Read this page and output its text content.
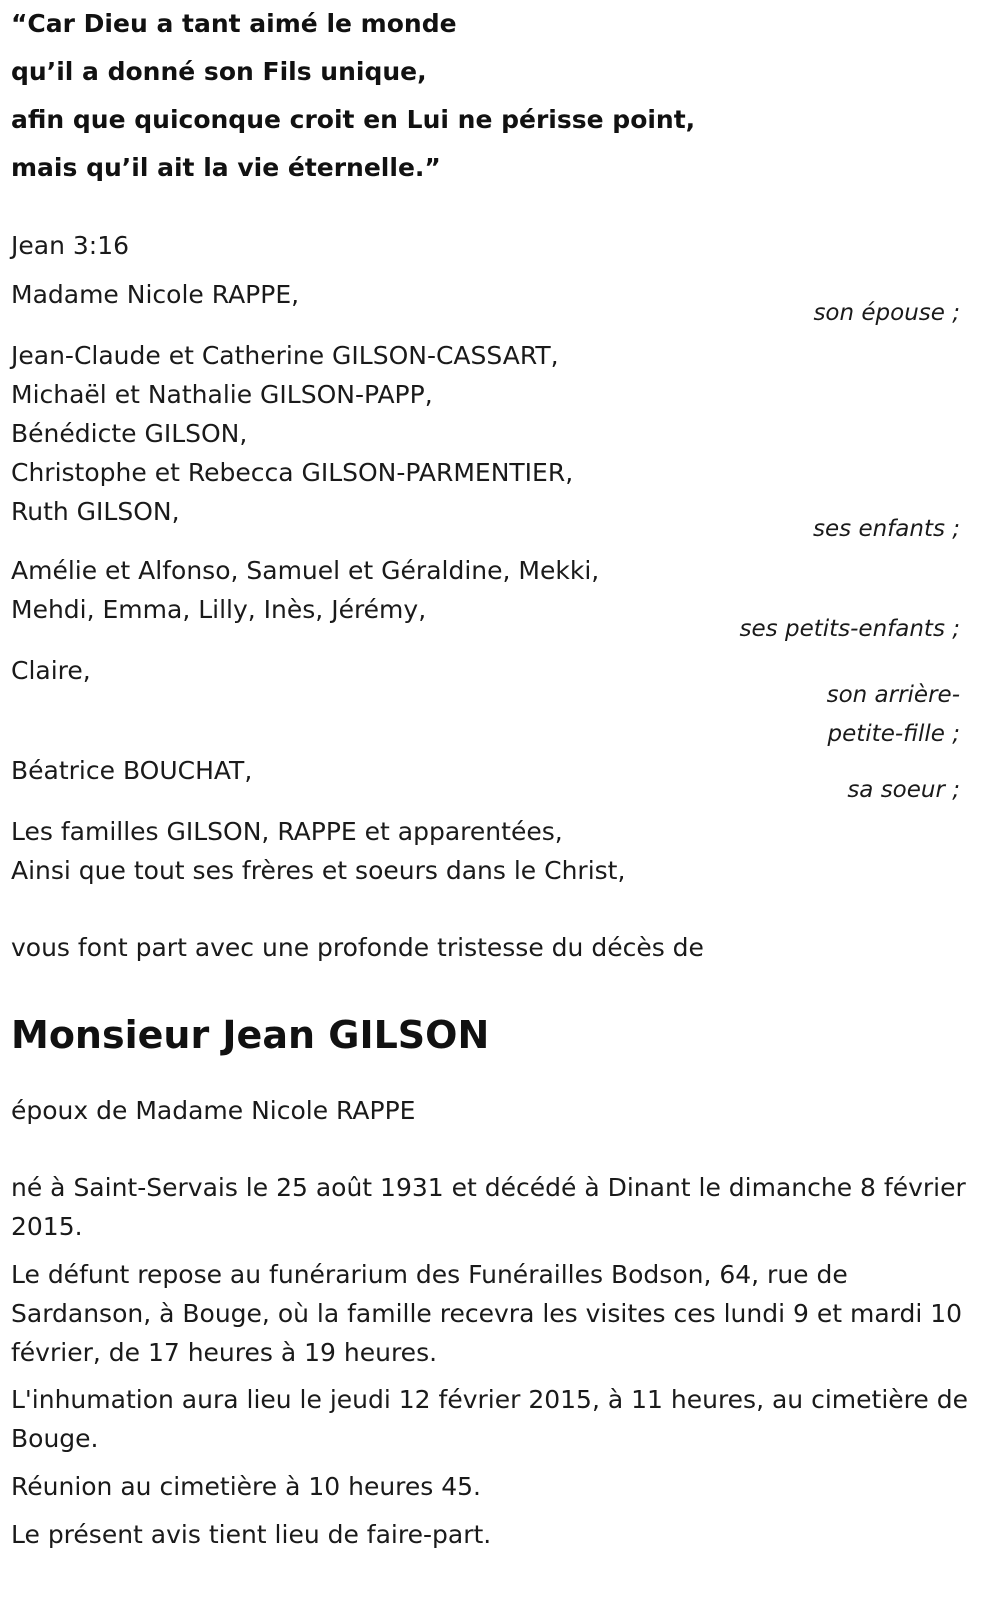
“Car Dieu a tant aimé le monde
qu’il a donné son Fils unique,
afin que quiconque croit en Lui ne périsse point,
mais qu’il ait la vie éternelle.”
Jean 3:16
Madame Nicole RAPPE,
son épouse ;
Jean-Claude et Catherine GILSON-CASSART,
Michaël et Nathalie GILSON-PAPP,
Bénédicte GILSON,
Christophe et Rebecca GILSON-PARMENTIER,
Ruth GILSON,
ses enfants ;
Amélie et Alfonso, Samuel et Géraldine, Mekki,
Mehdi, Emma, Lilly, Inès, Jérémy,
ses petits-enfants ;
Claire,
son arrière-
petite-fille ;
Béatrice BOUCHAT,
sa soeur ;
Les familles GILSON, RAPPE et apparentées,
Ainsi que tout ses frères et soeurs dans le Christ,
vous font part avec une profonde tristesse du décès de
Monsieur Jean GILSON
époux de Madame Nicole RAPPE
né à Saint-Servais le 25 août 1931 et décédé à Dinant le dimanche 8 février 2015.
Le défunt repose au funérarium des Funérailles Bodson, 64, rue de Sardanson, à Bouge, où la famille recevra les visites ces lundi 9 et mardi 10 février, de 17 heures à 19 heures.
L'inhumation aura lieu le jeudi 12 février 2015, à 11 heures, au cimetière de Bouge.
Réunion au cimetière à 10 heures 45.
Le présent avis tient lieu de faire-part.
